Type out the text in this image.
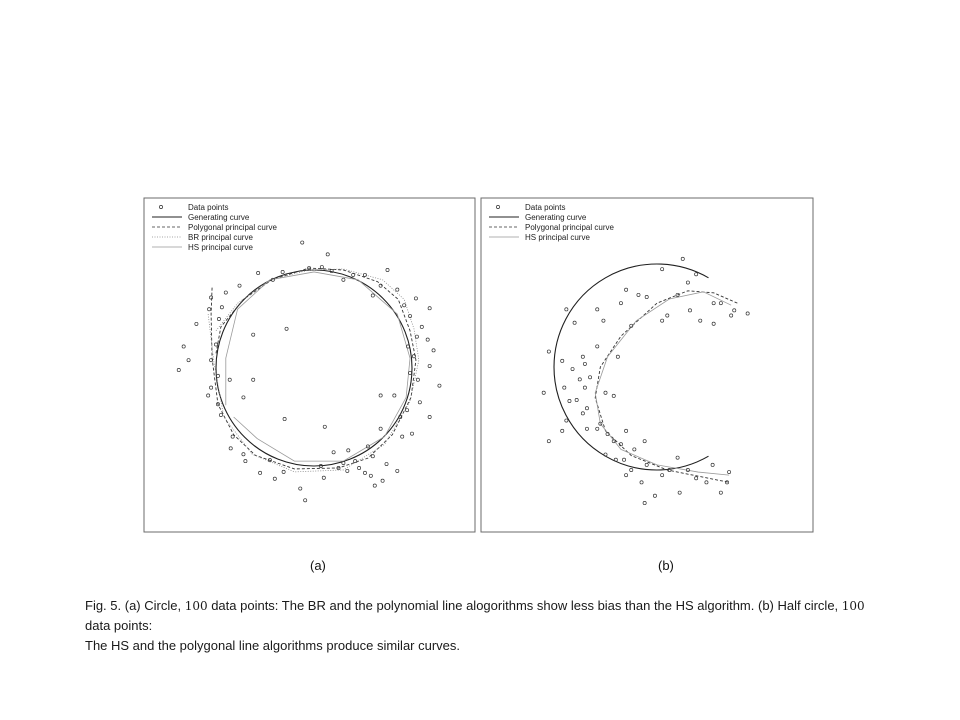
Data points
Generating curve
Polygonal principal curve
BR principal curve
HS principal curve
(a)
Data points
Generating curve
Polygonal principal curve
HS principal curve
(b)

Fig. 5. (a) Circle, 100 data points: The BR and the polynomial line alogorithms show less bias than the HS algorithm. (b) Half circle, 100 data points:
The HS and the polygonal line algorithms produce similar curves.
